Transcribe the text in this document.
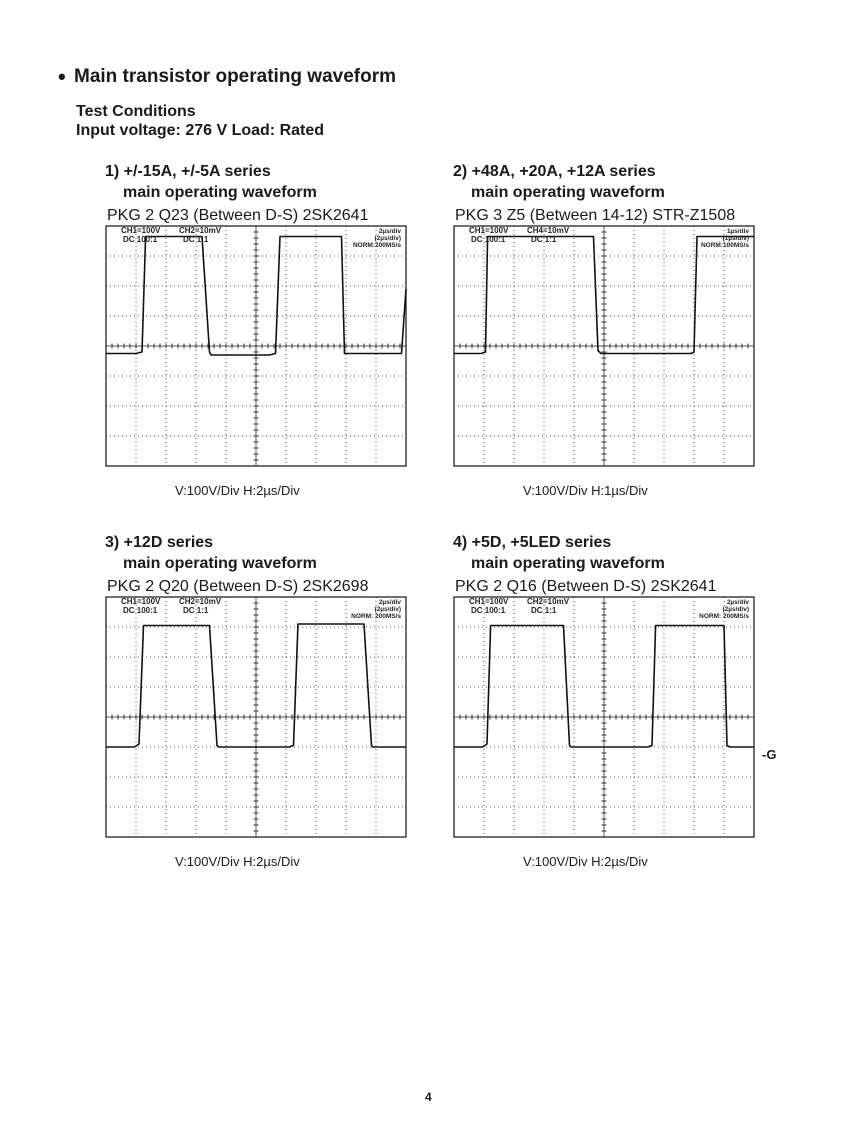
• Main transistor operating waveform
Test Conditions
Input voltage: 276 V Load: Rated
1) +/-15A, +/-5A series
main operating waveform
PKG 2 Q23 (Between D-S) 2SK2641
CH1=100V
DC 100:1
CH2=10mV
DC 1:1
2µs/div
(2µs/div)
NORM:200MS/s
V:100V/Div H:2µs/Div
2) +48A, +20A, +12A series
main operating waveform
PKG 3 Z5 (Between 14-12) STR-Z1508
CH1=100V
DC 100:1
CH4=10mV
DC 1:1
1µs/div
(1µs/div)
NORM:100MS/s
V:100V/Div H:1µs/Div
3) +12D series
main operating waveform
PKG 2 Q20 (Between D-S) 2SK2698
CH1=100V
DC 100:1
CH2=10mV
DC 1:1
2µs/div
(2µs/div)
NORM: 200MS/s
V:100V/Div H:2µs/Div
4) +5D, +5LED series
main operating waveform
PKG 2 Q16 (Between D-S) 2SK2641
CH1=100V
DC 100:1
CH2=10mV
DC 1:1
2µs/div
(2µs/div)
NORM: 200MS/s
V:100V/Div H:2µs/Div
-G
4
